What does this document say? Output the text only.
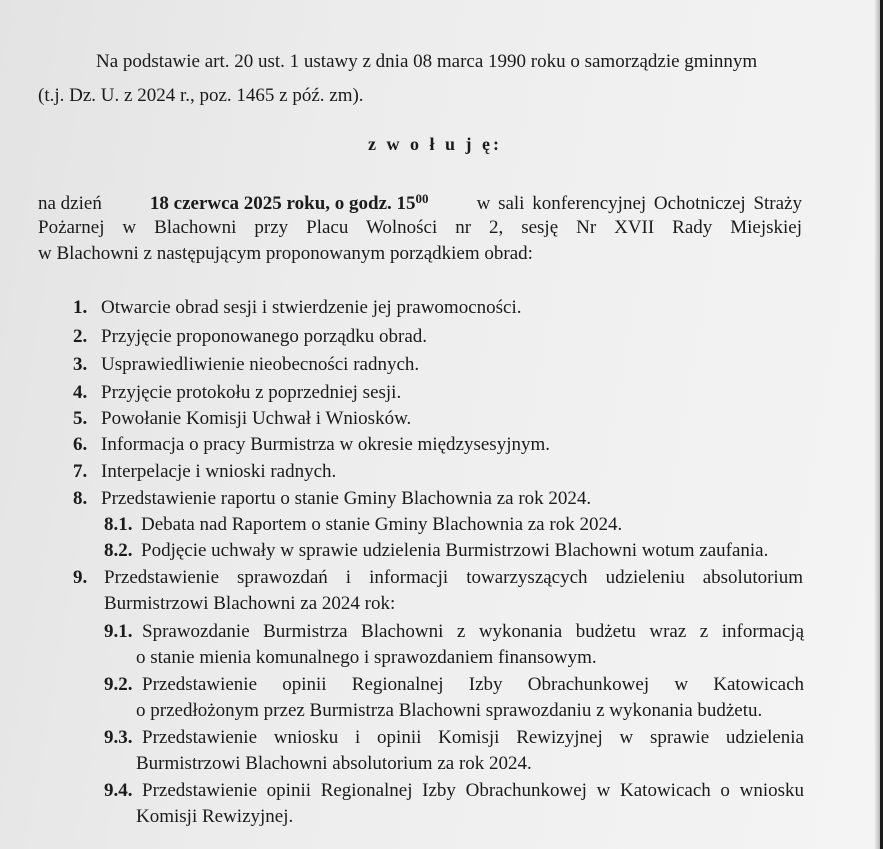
Na podstawie art. 20 ust. 1 ustawy z dnia 08 marca 1990 roku o samorządzie gminnym
(t.j. Dz. U. z 2024 r., poz. 1465 z póź. zm).
z w o ł u j ę:
na dzień	18 czerwca 2025 roku, o godz. $15^{00}$	w sali konferencyjnej Ochotniczej Straży
Pożarnej w Blachowni przy Placu Wolności nr 2, sesję Nr XVII Rady Miejskiej
w Blachowni z następującym proponowanym porządkiem obrad:
1. Otwarcie obrad sesji i stwierdzenie jej prawomocności.
2. Przyjęcie proponowanego porządku obrad.
3. Usprawiedliwienie nieobecności radnych.
4. Przyjęcie protokołu z poprzedniej sesji.
5. Powołanie Komisji Uchwał i Wniosków.
6. Informacja o pracy Burmistrza w okresie międzysesyjnym.
7. Interpelacje i wnioski radnych.
8. Przedstawienie raportu o stanie Gminy Blachownia za rok 2024.
8.1. Debata nad Raportem o stanie Gminy Blachownia za rok 2024.
8.2. Podjęcie uchwały w sprawie udzielenia Burmistrzowi Blachowni wotum zaufania.
9. Przedstawienie sprawozdań i informacji towarzyszących udzieleniu absolutorium
Burmistrzowi Blachowni za 2024 rok:
9.1. Sprawozdanie Burmistrza Blachowni z wykonania budżetu wraz z informacją
o stanie mienia komunalnego i sprawozdaniem finansowym.
9.2. Przedstawienie opinii Regionalnej Izby Obrachunkowej w Katowicach
o przedłożonym przez Burmistrza Blachowni sprawozdaniu z wykonania budżetu.
9.3. Przedstawienie wniosku i opinii Komisji Rewizyjnej w sprawie udzielenia
Burmistrzowi Blachowni absolutorium za rok 2024.
9.4. Przedstawienie opinii Regionalnej Izby Obrachunkowej w Katowicach o wniosku
Komisji Rewizyjnej.
